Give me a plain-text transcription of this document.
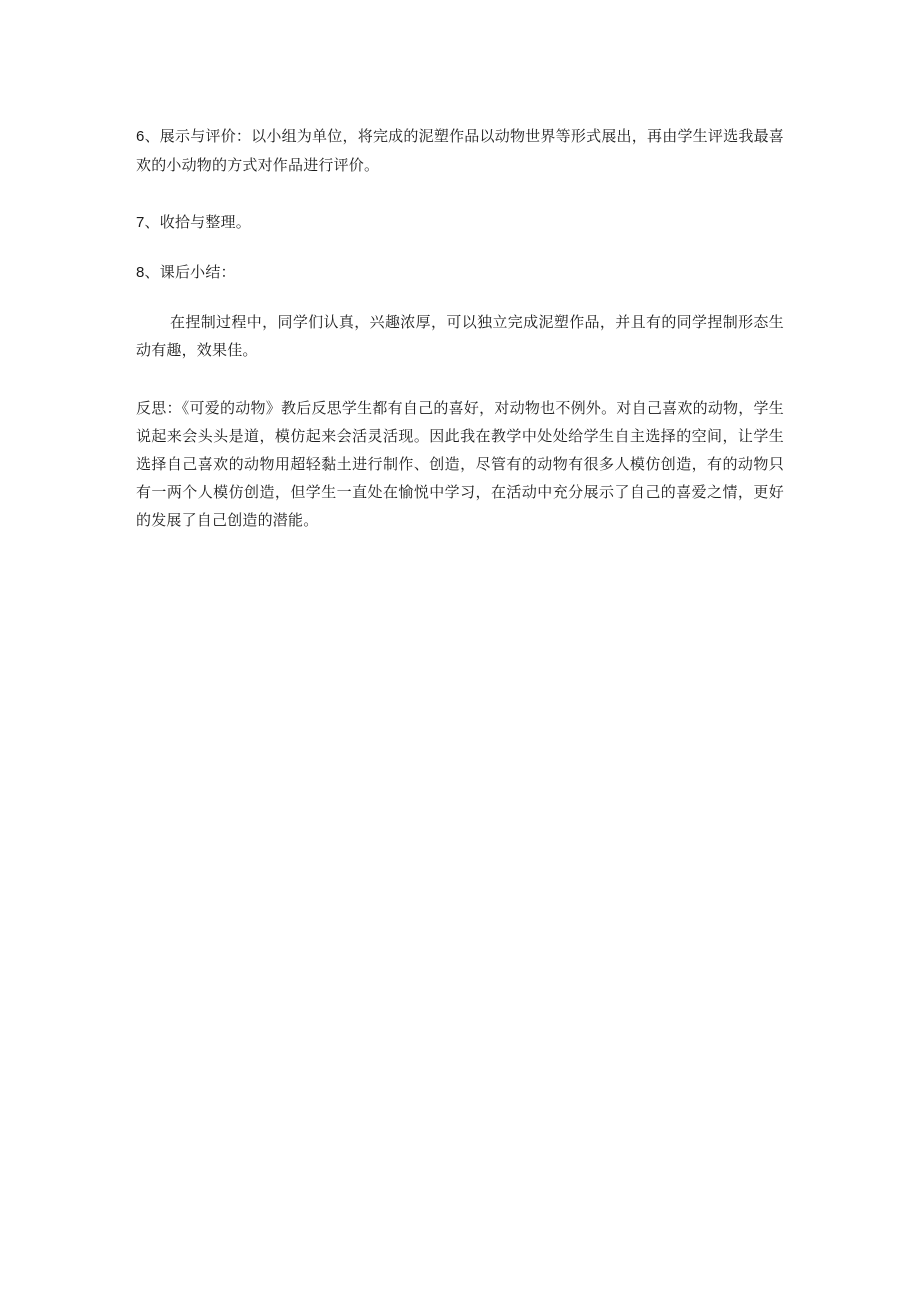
6、展示与评价：以小组为单位，将完成的泥塑作品以动物世界等形式展出，再由学生评选我最喜欢的小动物的方式对作品进行评价。

7、收拾与整理。

8、课后小结：

在捏制过程中，同学们认真，兴趣浓厚，可以独立完成泥塑作品，并且有的同学捏制形态生动有趣，效果佳。

反思：《可爱的动物》教后反思学生都有自己的喜好，对动物也不例外。对自己喜欢的动物，学生说起来会头头是道，模仿起来会活灵活现。因此我在教学中处处给学生自主选择的空间，让学生选择自己喜欢的动物用超轻黏土进行制作、创造，尽管有的动物有很多人模仿创造，有的动物只有一两个人模仿创造，但学生一直处在愉悦中学习，在活动中充分展示了自己的喜爱之情，更好的发展了自己创造的潜能。
